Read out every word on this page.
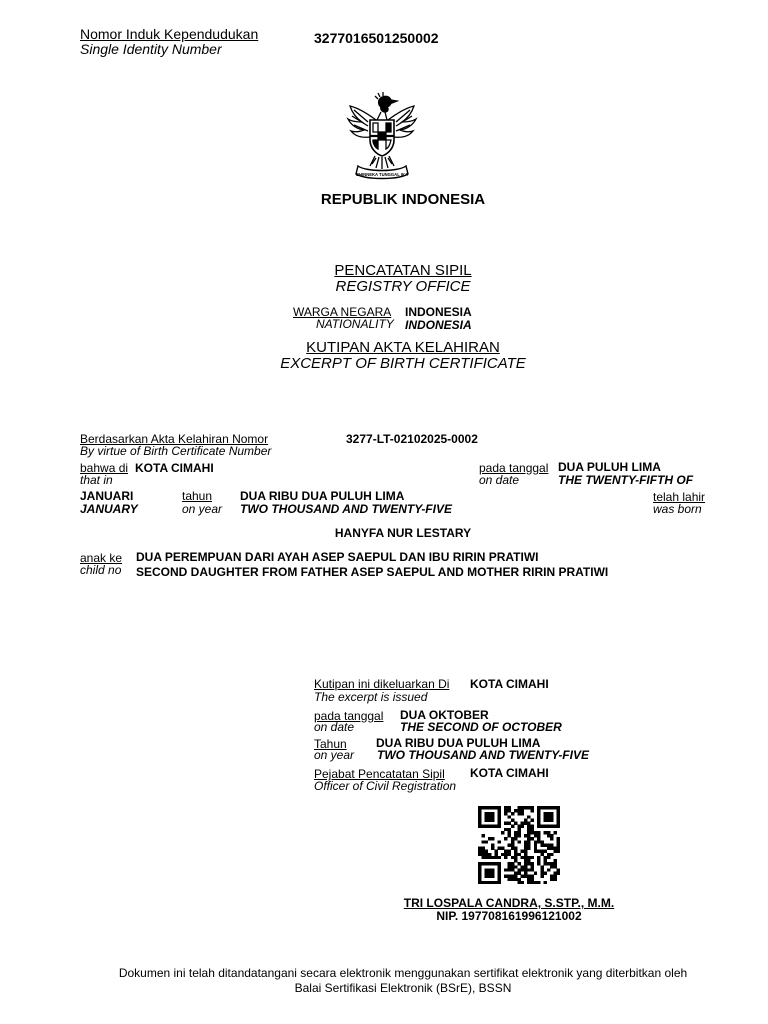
Nomor Induk Kependudukan
Single Identity Number
3277016501250002
BHINNEKA TUNGGAL IKA
REPUBLIK INDONESIA
PENCATATAN SIPIL
REGISTRY OFFICE
WARGA NEGARA INDONESIA
NATIONALITY INDONESIA
KUTIPAN AKTA KELAHIRAN
EXCERPT OF BIRTH CERTIFICATE
Berdasarkan Akta Kelahiran Nomor
By virtue of Birth Certificate Number
3277-LT-02102025-0002
bahwa di KOTA CIMAHI
that in
pada tanggal DUA PULUH LIMA
on date	THE TWENTY-FIFTH OF
JANUARI
JANUARY
tahun
on year
DUA RIBU DUA PULUH LIMA
TWO THOUSAND AND TWENTY-FIVE
telah lahir
was born
HANYFA NUR LESTARY
anak ke
child no
DUA PEREMPUAN DARI AYAH ASEP SAEPUL DAN IBU RIRIN PRATIWI
SECOND DAUGHTER FROM FATHER ASEP SAEPUL AND MOTHER RIRIN PRATIWI
Kutipan ini dikeluarkan Di
The excerpt is issued
KOTA CIMAHI
pada tanggal
on date
DUA OKTOBER
THE SECOND OF OCTOBER
Tahun
on year
DUA RIBU DUA PULUH LIMA
TWO THOUSAND AND TWENTY-FIVE
Pejabat Pencatatan Sipil
Officer of Civil Registration
KOTA CIMAHI
TRI LOSPALA CANDRA, S.STP., M.M.
NIP. 197708161996121002
Dokumen ini telah ditandatangani secara elektronik menggunakan sertifikat elektronik yang diterbitkan oleh
Balai Sertifikasi Elektronik (BSrE), BSSN
